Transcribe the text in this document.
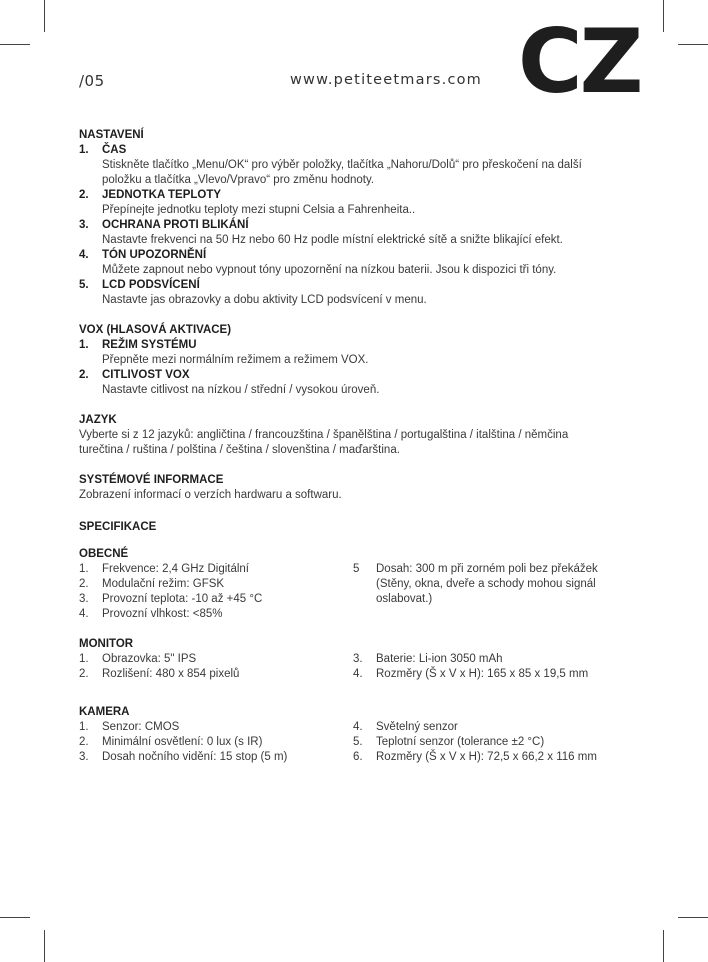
/05	www.petiteetmars.com CZ
NASTAVENÍ
1. ČAS
Stiskněte tlačítko „Menu/OK“ pro výběr položky, tlačítka „Nahoru/Dolů“ pro přeskočení na další
položku a tlačítka „Vlevo/Vpravo“ pro změnu hodnoty.
2. JEDNOTKA TEPLOTY
Přepínejte jednotku teploty mezi stupni Celsia a Fahrenheita..
3. OCHRANA PROTI BLIKÁNÍ
Nastavte frekvenci na 50 Hz nebo 60 Hz podle místní elektrické sítě a snižte blikající efekt.
4. TÓN UPOZORNĚNÍ
Můžete zapnout nebo vypnout tóny upozornění na nízkou baterii. Jsou k dispozici tři tóny.
5. LCD PODSVÍCENÍ
Nastavte jas obrazovky a dobu aktivity LCD podsvícení v menu.
VOX (HLASOVÁ AKTIVACE)
1. REŽIM SYSTÉMU
Přepněte mezi normálním režimem a režimem VOX.
2. CITLIVOST VOX
Nastavte citlivost na nízkou / střední / vysokou úroveň.
JAZYK
Vyberte si z 12 jazyků: angličtina / francouzština / španělština / portugalština / italština / němčina
turečtina / ruština / polština / čeština / slovenština / maďarština.
SYSTÉMOVÉ INFORMACE
Zobrazení informací o verzích hardwaru a softwaru.
SPECIFIKACE
OBECNÉ
1. Frekvence: 2,4 GHz Digitální
2. Modulační režim: GFSK
3. Provozní teplota: -10 až +45 °C
4. Provozní vlhkost: <85%
5 Dosah: 300 m při zorném poli bez překážek
(Stěny, okna, dveře a schody mohou signál
oslabovat.)
MONITOR
1. Obrazovka: 5" IPS
2. Rozlišení: 480 x 854 pixelů
3. Baterie: Li-ion 3050 mAh
4. Rozměry (Š x V x H): 165 x 85 x 19,5 mm
KAMERA
1. Senzor: CMOS
2. Minimální osvětlení: 0 lux (s IR)
3. Dosah nočního vidění: 15 stop (5 m)
4. Světelný senzor
5. Teplotní senzor (tolerance ±2 °C)
6. Rozměry (Š x V x H): 72,5 x 66,2 x 116 mm
